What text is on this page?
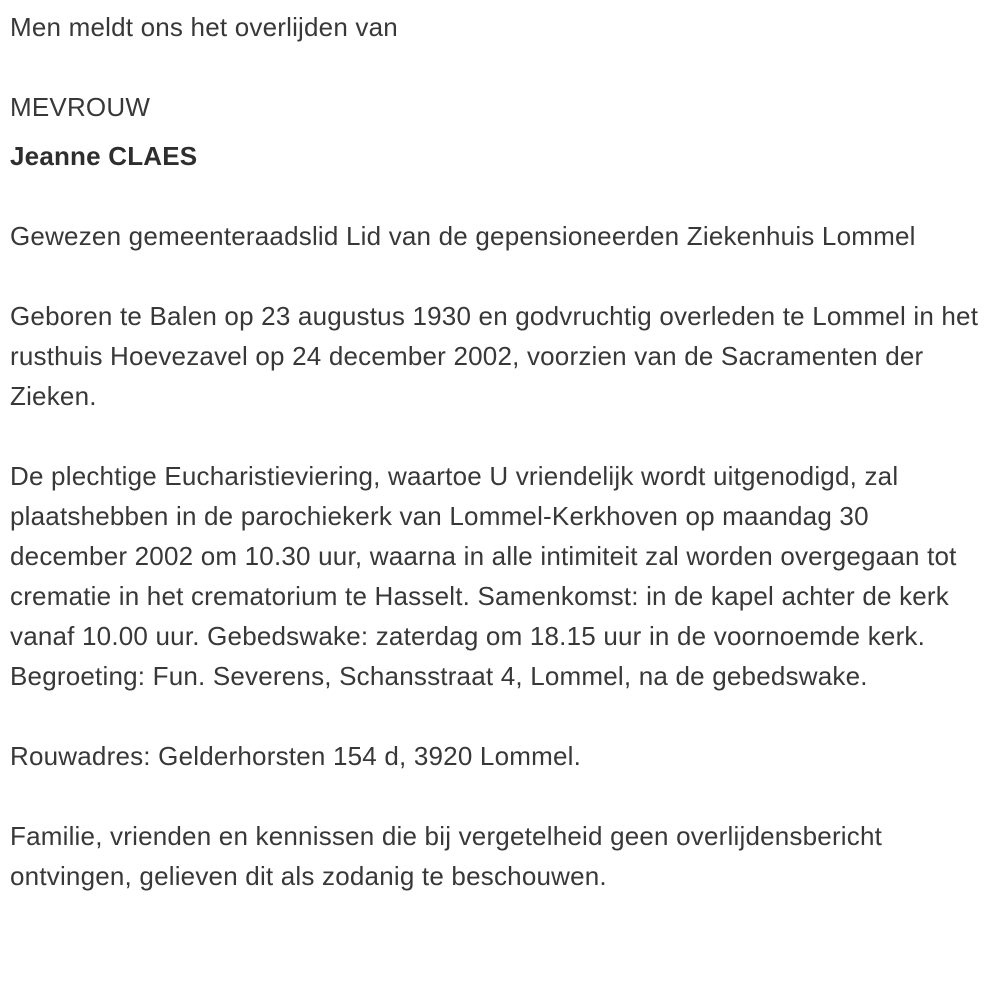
Men meldt ons het overlijden van

MEVROUW

Jeanne CLAES

Gewezen gemeenteraadslid Lid van de gepensioneerden Ziekenhuis Lommel

Geboren te Balen op 23 augustus 1930 en godvruchtig overleden te Lommel in het rusthuis Hoevezavel op 24 december 2002, voorzien van de Sacramenten der Zieken.

De plechtige Eucharistieviering, waartoe U vriendelijk wordt uitgenodigd, zal plaatshebben in de parochiekerk van Lommel-Kerkhoven op maandag 30 december 2002 om 10.30 uur, waarna in alle intimiteit zal worden overgegaan tot crematie in het crematorium te Hasselt. Samenkomst: in de kapel achter de kerk vanaf 10.00 uur. Gebedswake: zaterdag om 18.15 uur in de voornoemde kerk. Begroeting: Fun. Severens, Schansstraat 4, Lommel, na de gebedswake.

Rouwadres: Gelderhorsten 154 d, 3920 Lommel.

Familie, vrienden en kennissen die bij vergetelheid geen overlijdensbericht ontvingen, gelieven dit als zodanig te beschouwen.
